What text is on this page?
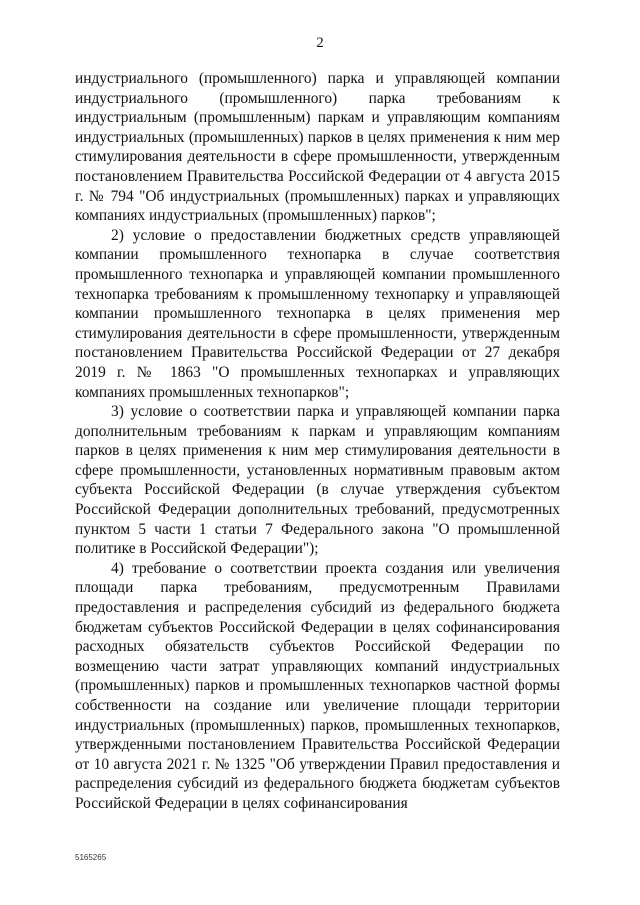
2

индустриального (промышленного) парка и управляющей компании индустриального (промышленного) парка требованиям к индустриальным (промышленным) паркам и управляющим компаниям индустриальных (промышленных) парков в целях применения к ним мер стимулирования деятельности в сфере промышленности, утвержденным постановлением Правительства Российской Федерации от 4 августа 2015 г. № 794 "Об индустриальных (промышленных) парках и управляющих компаниях индустриальных (промышленных) парков";

2) условие о предоставлении бюджетных средств управляющей компании промышленного технопарка в случае соответствия промышленного технопарка и управляющей компании промышленного технопарка требованиям к промышленному технопарку и управляющей компании промышленного технопарка в целях применения мер стимулирования деятельности в сфере промышленности, утвержденным постановлением Правительства Российской Федерации от 27 декабря 2019 г. № 1863 "О промышленных технопарках и управляющих компаниях промышленных технопарков";

3) условие о соответствии парка и управляющей компании парка дополнительным требованиям к паркам и управляющим компаниям парков в целях применения к ним мер стимулирования деятельности в сфере промышленности, установленных нормативным правовым актом субъекта Российской Федерации (в случае утверждения субъектом Российской Федерации дополнительных требований, предусмотренных пунктом 5 части 1 статьи 7 Федерального закона "О промышленной политике в Российской Федерации");

4) требование о соответствии проекта создания или увеличения площади парка требованиям, предусмотренным Правилами предоставления и распределения субсидий из федерального бюджета бюджетам субъектов Российской Федерации в целях софинансирования расходных обязательств субъектов Российской Федерации по возмещению части затрат управляющих компаний индустриальных (промышленных) парков и промышленных технопарков частной формы собственности на создание или увеличение площади территории индустриальных (промышленных) парков, промышленных технопарков, утвержденными постановлением Правительства Российской Федерации от 10 августа 2021 г. № 1325 "Об утверждении Правил предоставления и распределения субсидий из федерального бюджета бюджетам субъектов Российской Федерации в целях софинансирования

5165265
